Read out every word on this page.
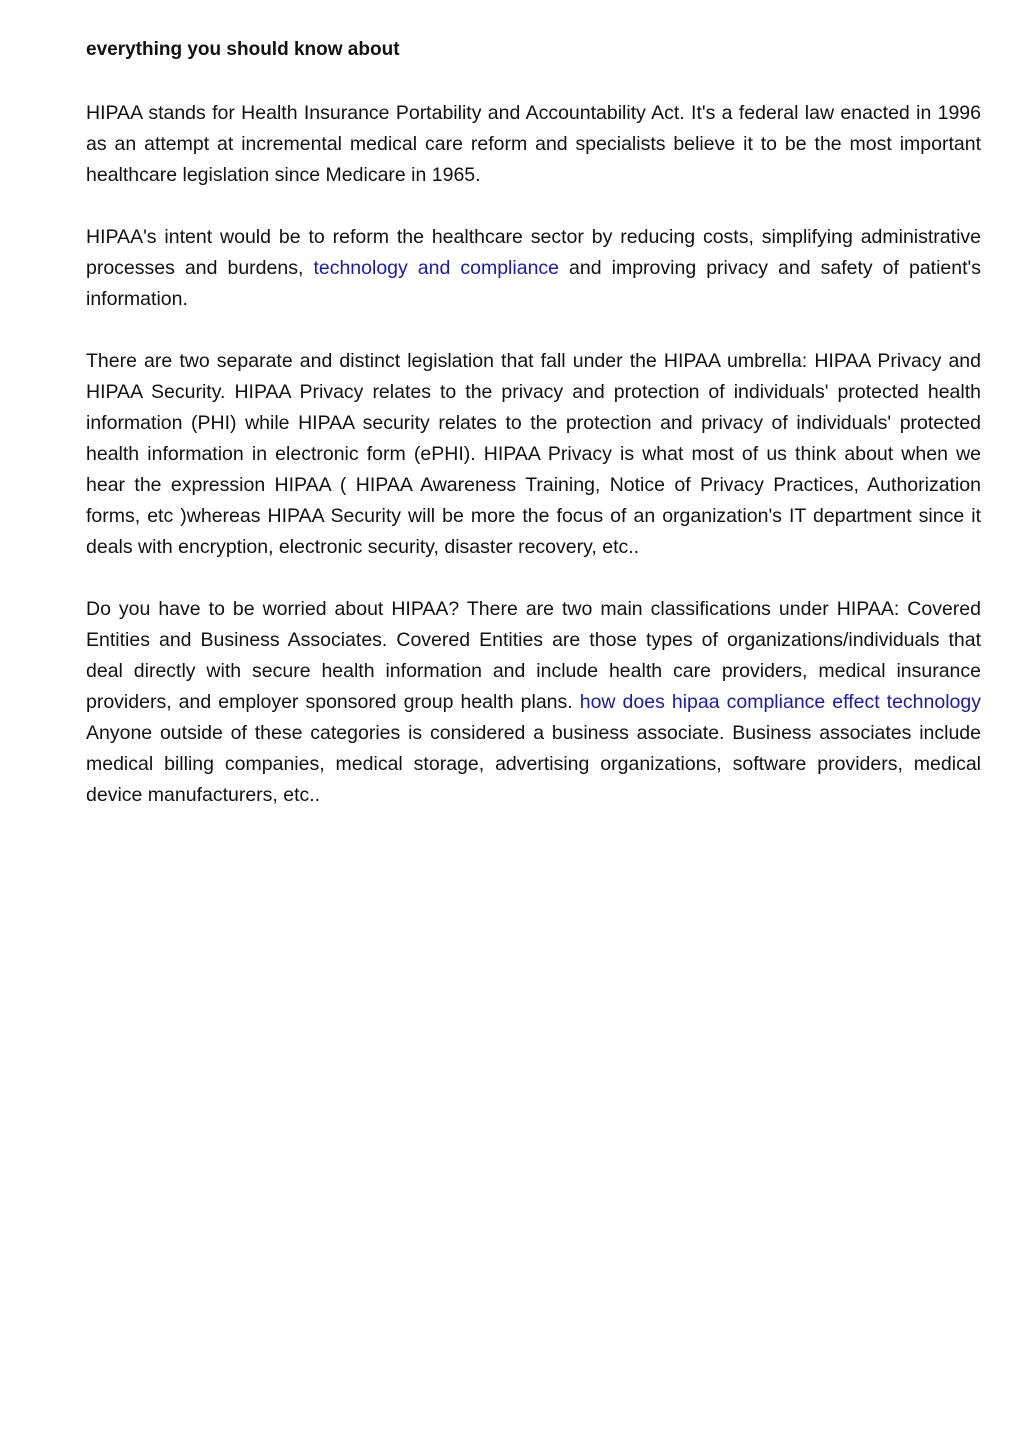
everything you should know about

HIPAA stands for Health Insurance Portability and Accountability Act. It's a federal law enacted in 1996 as an attempt at incremental medical care reform and specialists believe it to be the most important healthcare legislation since Medicare in 1965.

HIPAA's intent would be to reform the healthcare sector by reducing costs, simplifying administrative processes and burdens, technology and compliance and improving privacy and safety of patient's information.

There are two separate and distinct legislation that fall under the HIPAA umbrella: HIPAA Privacy and HIPAA Security. HIPAA Privacy relates to the privacy and protection of individuals' protected health information (PHI) while HIPAA security relates to the protection and privacy of individuals' protected health information in electronic form (ePHI). HIPAA Privacy is what most of us think about when we hear the expression HIPAA ( HIPAA Awareness Training, Notice of Privacy Practices, Authorization forms, etc )whereas HIPAA Security will be more the focus of an organization's IT department since it deals with encryption, electronic security, disaster recovery, etc..

Do you have to be worried about HIPAA? There are two main classifications under HIPAA: Covered Entities and Business Associates. Covered Entities are those types of organizations/individuals that deal directly with secure health information and include health care providers, medical insurance providers, and employer sponsored group health plans. how does hipaa compliance effect technology Anyone outside of these categories is considered a business associate. Business associates include medical billing companies, medical storage, advertising organizations, software providers, medical device manufacturers, etc..
